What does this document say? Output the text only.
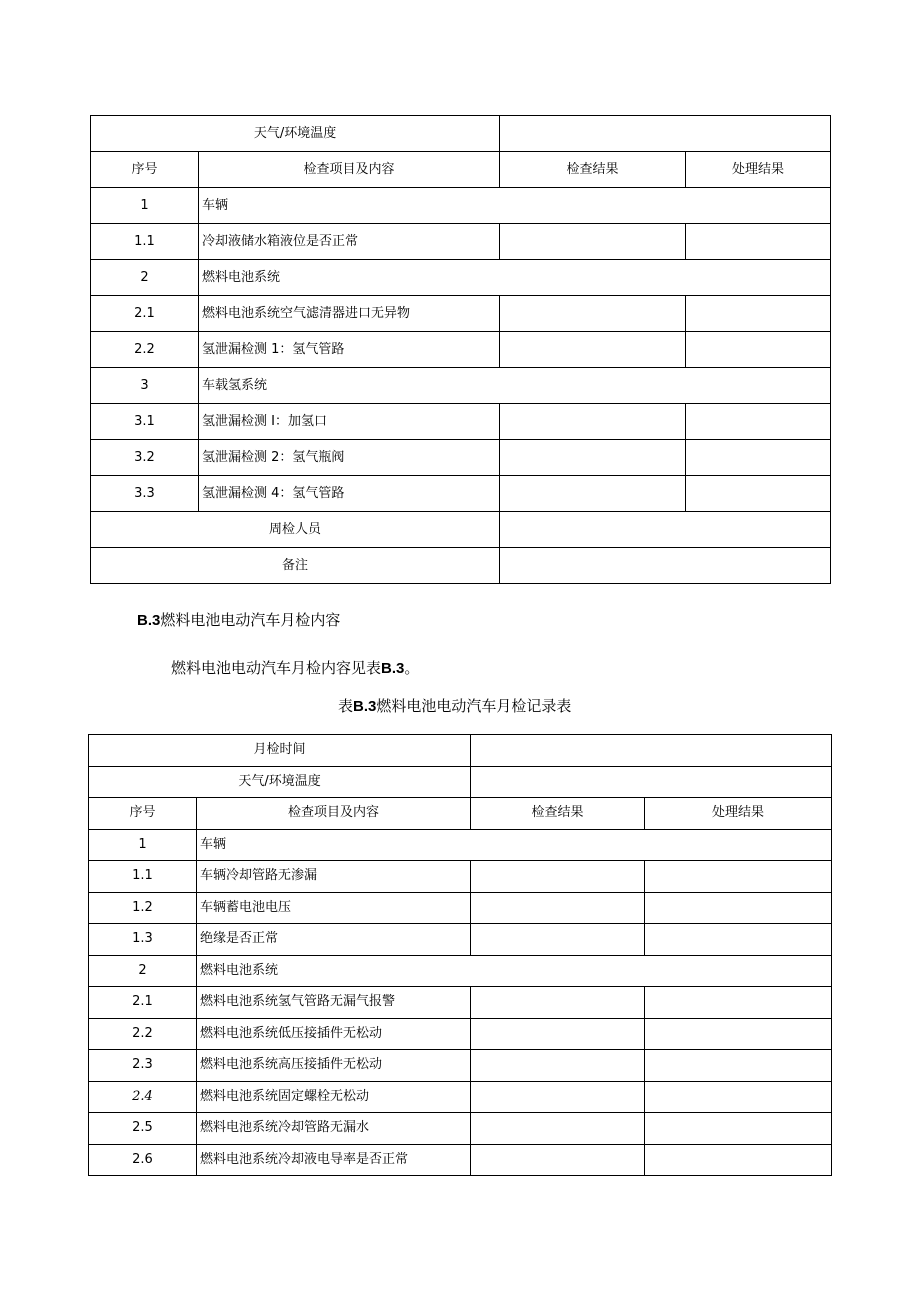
天气/环境温度			
序号	检查项目及内容	检查结果	处理结果
1	车辆		
1.1	冷却液储水箱液位是否正常		
2	燃料电池系统		
2.1	燃料电池系统空气滤清器进口无异物		
2.2	氢泄漏检测 1：氢气管路		
3	车载氢系统		
3.1	氢泄漏检测 I：加氢口		
3.2	氢泄漏检测 2：氢气瓶阀		
3.3	氢泄漏检测 4：氢气管路		
周检人员			
备注			
B.3燃料电池电动汽车月检内容
燃料电池电动汽车月检内容见表B.3。
表B.3燃料电池电动汽车月检记录表
月检时间			
天气/环境温度			
序号	检查项目及内容	检查结果	处理结果
1	车辆		
1.1	车辆冷却管路无渗漏		
1.2	车辆蓄电池电压		
1.3	绝缘是否正常		
2	燃料电池系统		
2.1	燃料电池系统氢气管路无漏气报警		
2.2	燃料电池系统低压接插件无松动		
2.3	燃料电池系统高压接插件无松动		
2.4	燃料电池系统固定螺栓无松动		
2.5	燃料电池系统冷却管路无漏水		
2.6	燃料电池系统冷却液电导率是否正常		
